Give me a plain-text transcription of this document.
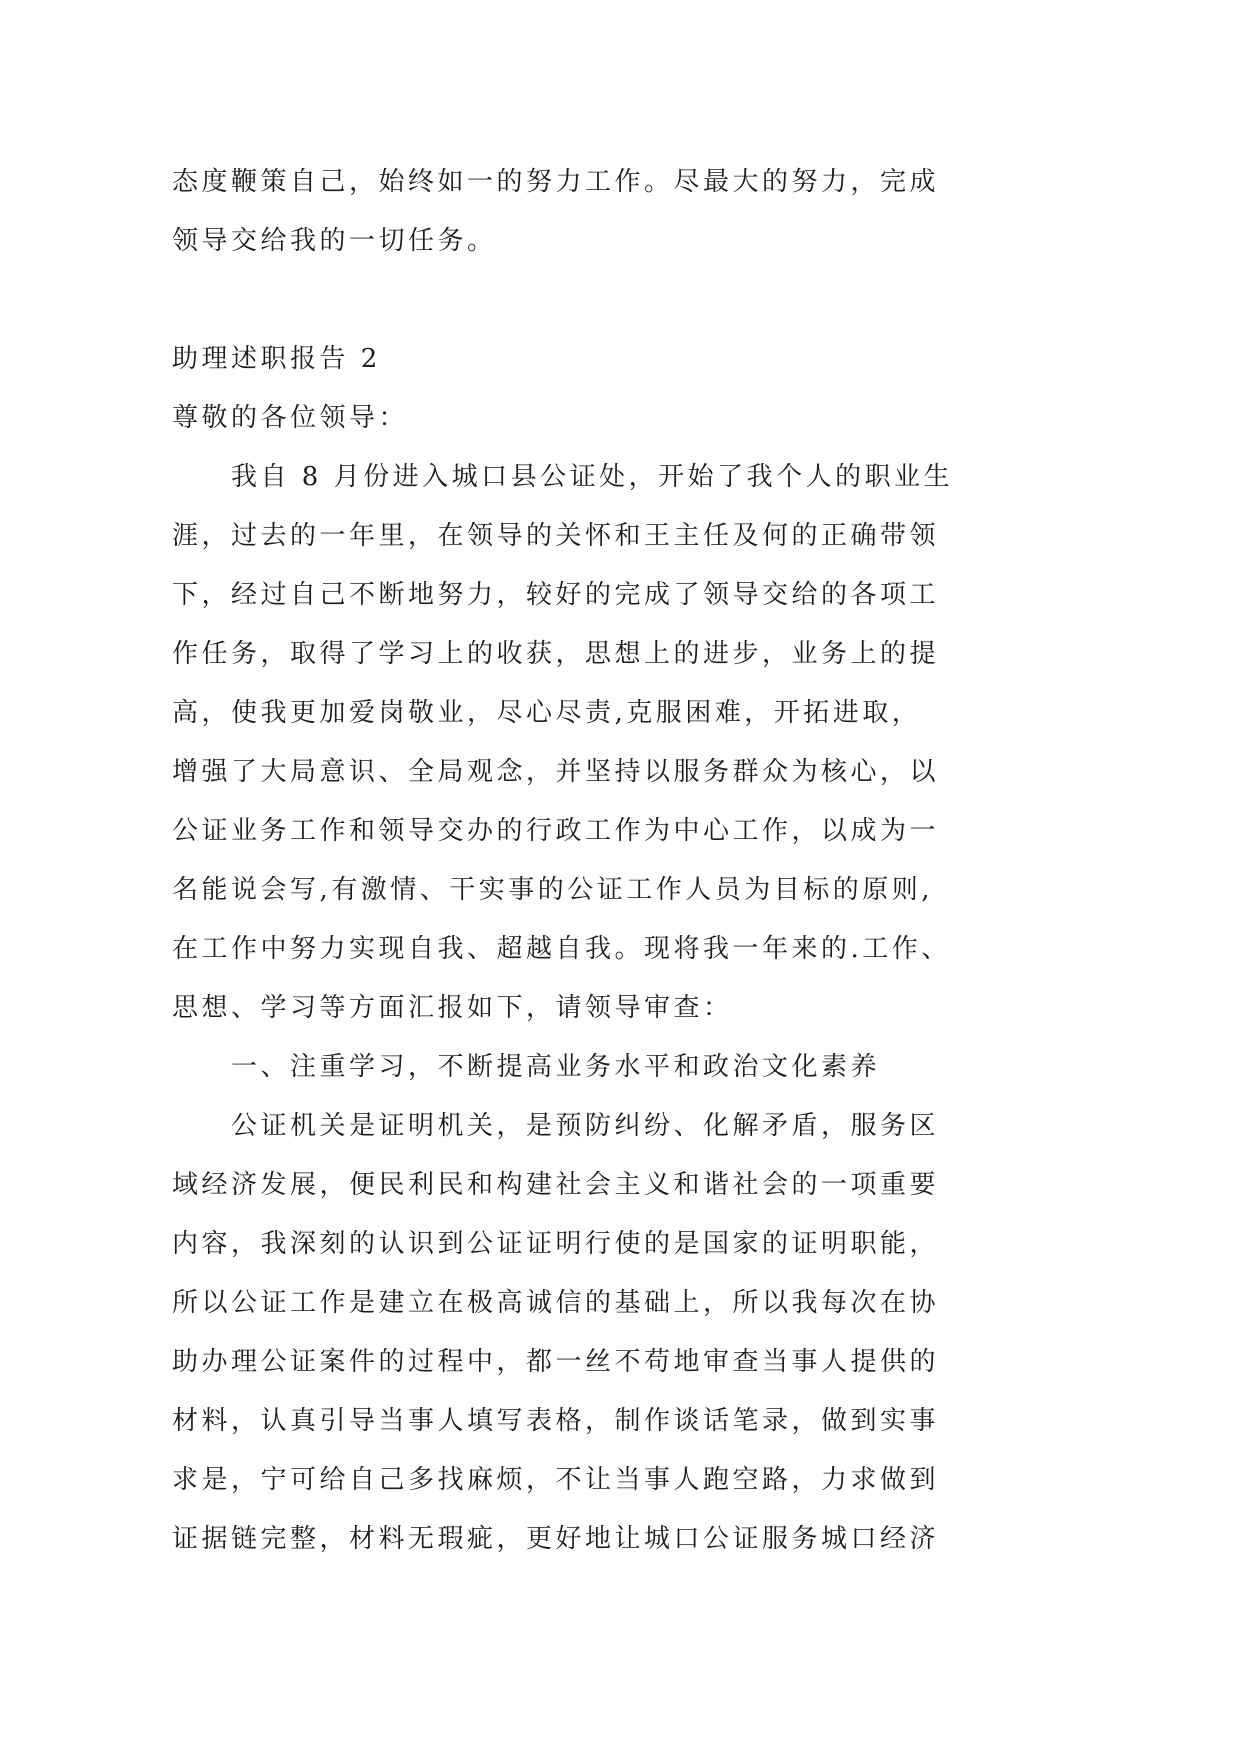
态度鞭策自己，始终如一的努力工作。尽最大的努力，完成
领导交给我的一切任务。
助理述职报告 2
尊敬的各位领导：
我自 8 月份进入城口县公证处，开始了我个人的职业生
涯，过去的一年里，在领导的关怀和王主任及何的正确带领
下，经过自己不断地努力，较好的完成了领导交给的各项工
作任务，取得了学习上的收获，思想上的进步，业务上的提
高，使我更加爱岗敬业，尽心尽责,克服困难，开拓进取，
增强了大局意识、全局观念，并坚持以服务群众为核心，以
公证业务工作和领导交办的行政工作为中心工作，以成为一
名能说会写,有激情、干实事的公证工作人员为目标的原则,
在工作中努力实现自我、超越自我。现将我一年来的.工作、
思想、学习等方面汇报如下，请领导审查：
一、注重学习，不断提高业务水平和政治文化素养
公证机关是证明机关，是预防纠纷、化解矛盾，服务区
域经济发展，便民利民和构建社会主义和谐社会的一项重要
内容，我深刻的认识到公证证明行使的是国家的证明职能，
所以公证工作是建立在极高诚信的基础上，所以我每次在协
助办理公证案件的过程中，都一丝不苟地审查当事人提供的
材料，认真引导当事人填写表格，制作谈话笔录，做到实事
求是，宁可给自己多找麻烦，不让当事人跑空路，力求做到
证据链完整，材料无瑕疵，更好地让城口公证服务城口经济
